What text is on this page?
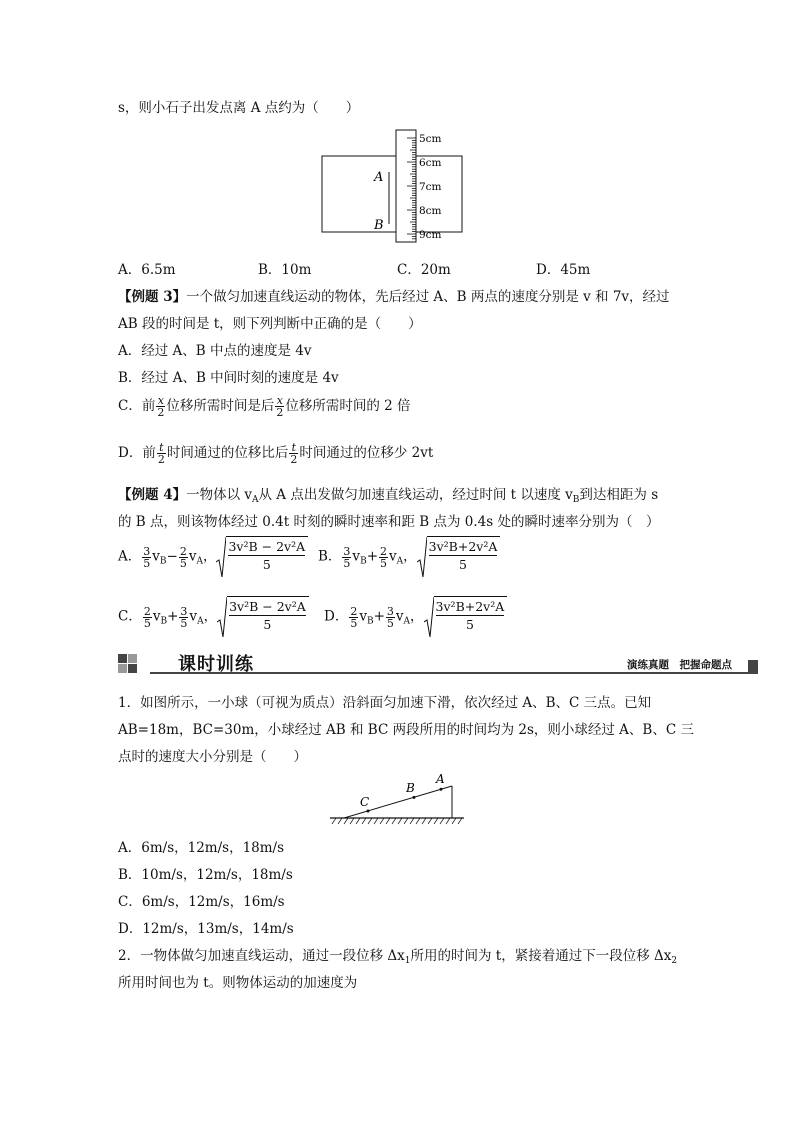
s，则小石子出发点离 A 点约为（　　）
A
B
5cm
6cm
7cm
8cm
9cm
A．6.5m	B．10m	C．20m	D．45m
【例题 3】一个做匀加速直线运动的物体，先后经过 A、B 两点的速度分别是 v 和 7v，经过
AB 段的时间是 t，则下列判断中正确的是（　　）
A．经过 A、B 中点的速度是 4v
B．经过 A、B 中间时刻的速度是 4v
C．前 $\frac{x}{2}$ 位移所需时间是后 $\frac{x}{2}$ 位移所需时间的 2 倍
D．前 $\frac{t}{2}$ 时间通过的位移比后 $\frac{t}{2}$ 时间通过的位移少 2vt
【例题 4】一物体以 $v_A$从 A 点出发做匀加速直线运动，经过时间 t 以速度 $v_B$到达相距为 s
的 B 点，则该物体经过 0.4t 时刻的瞬时速率和距 B 点为 0.4s 处的瞬时速率分别为（　）
A． $\frac{3}{5} v_B- \frac{2}{5} v_A$， $\frac{\text{3v²B − 2v²A}}{5}$ B． $\frac{3}{5} v_B+ \frac{2}{5} v_A$， $\frac{\text{3v²B+2v²A}}{5}$
C． $\frac{2}{5} v_B+ \frac{3}{5} v_A$， $\frac{\text{3v²B − 2v²A}}{5}$ D． $\frac{2}{5} v_B+ \frac{3}{5} v_A$， $\frac{\text{3v²B+2v²A}}{5}$
课时训练	演练真题　把握命题点
1．如图所示，一小球（可视为质点）沿斜面匀加速下滑，依次经过 A、B、C 三点。已知
AB=18m，BC=30m，小球经过 AB 和 BC 两段所用的时间均为 2s，则小球经过 A、B、C 三
点时的速度大小分别是（　　）
C
B
A
A．6m/s，12m/s，18m/s
B．10m/s，12m/s，18m/s
C．6m/s，12m/s，16m/s
D．12m/s，13m/s，14m/s
2．一物体做匀加速直线运动，通过一段位移 $\Delta x_1$所用的时间为 t，紧接着通过下一段位移 $\Delta x_2$
所用时间也为 t。则物体运动的加速度为
